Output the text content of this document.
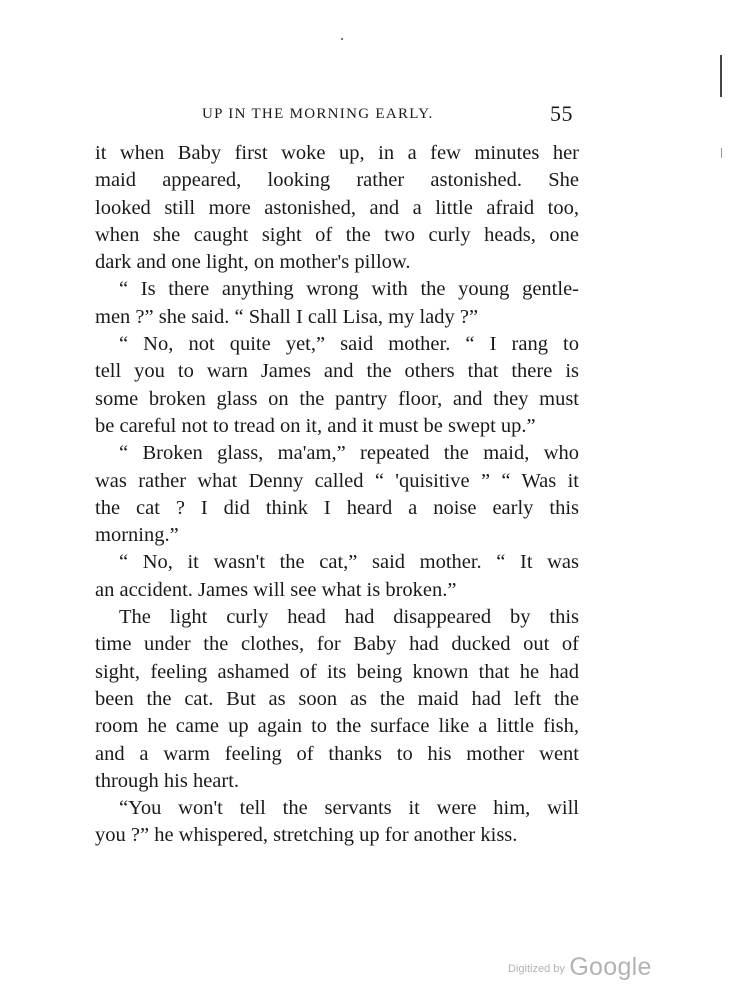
UP IN THE MORNING EARLY.	55
it when Baby first woke up, in a few minutes her
maid appeared, looking rather astonished. She
looked still more astonished, and a little afraid too,
when she caught sight of the two curly heads, one
dark and one light, on mother's pillow.
“ Is there anything wrong with the young gentle-
men ?” she said. “ Shall I call Lisa, my lady ?”
“ No, not quite yet,” said mother. “ I rang to
tell you to warn James and the others that there is
some broken glass on the pantry floor, and they must
be careful not to tread on it, and it must be swept up.”
“ Broken glass, ma'am,” repeated the maid, who
was rather what Denny called “ 'quisitive ” “ Was it
the cat ? I did think I heard a noise early this
morning.”
“ No, it wasn't the cat,” said mother. “ It was
an accident. James will see what is broken.”
The light curly head had disappeared by this
time under the clothes, for Baby had ducked out of
sight, feeling ashamed of its being known that he had
been the cat. But as soon as the maid had left the
room he came up again to the surface like a little fish,
and a warm feeling of thanks to his mother went
through his heart.
“You won't tell the servants it were him, will
you ?” he whispered, stretching up for another kiss.
Digitized by Google
